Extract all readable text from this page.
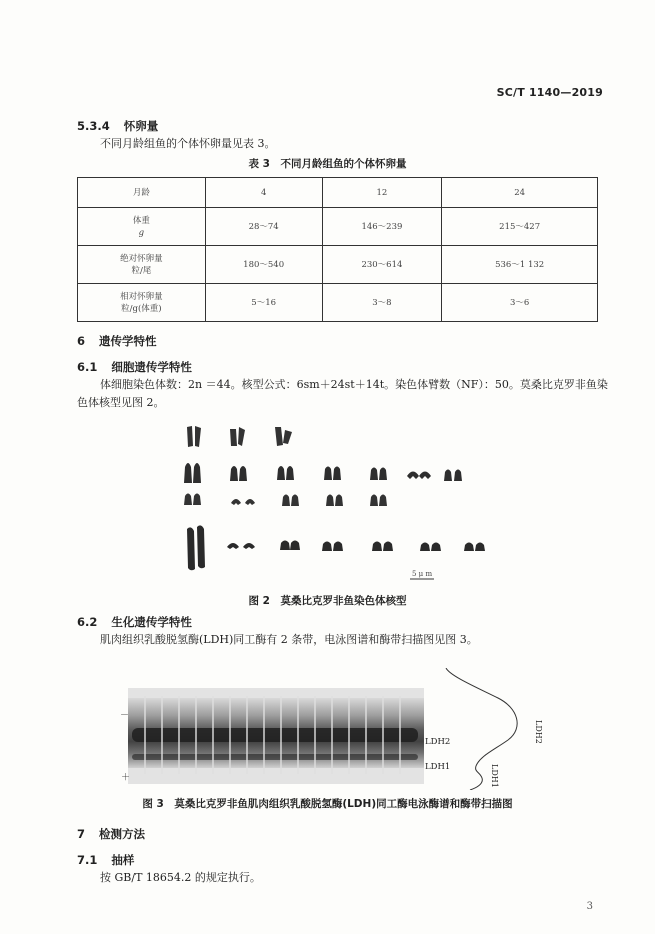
SC/T 1140—2019
5.3.4 怀卵量
不同月龄组鱼的个体怀卵量见表 3。
表 3　不同月龄组鱼的个体怀卵量
月龄	4	12	24
体重
g	28～74	146～239	215～427
绝对怀卵量
粒/尾	180～540	230～614	536～1 132
相对怀卵量
粒/g(体重)	5～16	3～8	3～6
6 遗传学特性
6.1 细胞遗传学特性
体细胞染色体数：2n ＝44。核型公式：6sm＋24st＋14t。染色体臂数（NF）：50。莫桑比克罗非鱼染
色体核型见图 2。
5 μ m
图 2　莫桑比克罗非鱼染色体核型
6.2 生化遗传学特性
肌肉组织乳酸脱氢酶(LDH)同工酶有 2 条带，电泳图谱和酶带扫描图见图 3。
－
＋
LDH2
LDH1
LDH2
LDH1
图 3　莫桑比克罗非鱼肌肉组织乳酸脱氢酶(LDH)同工酶电泳酶谱和酶带扫描图
7 检测方法
7.1 抽样
按 GB/T 18654.2 的规定执行。
3
